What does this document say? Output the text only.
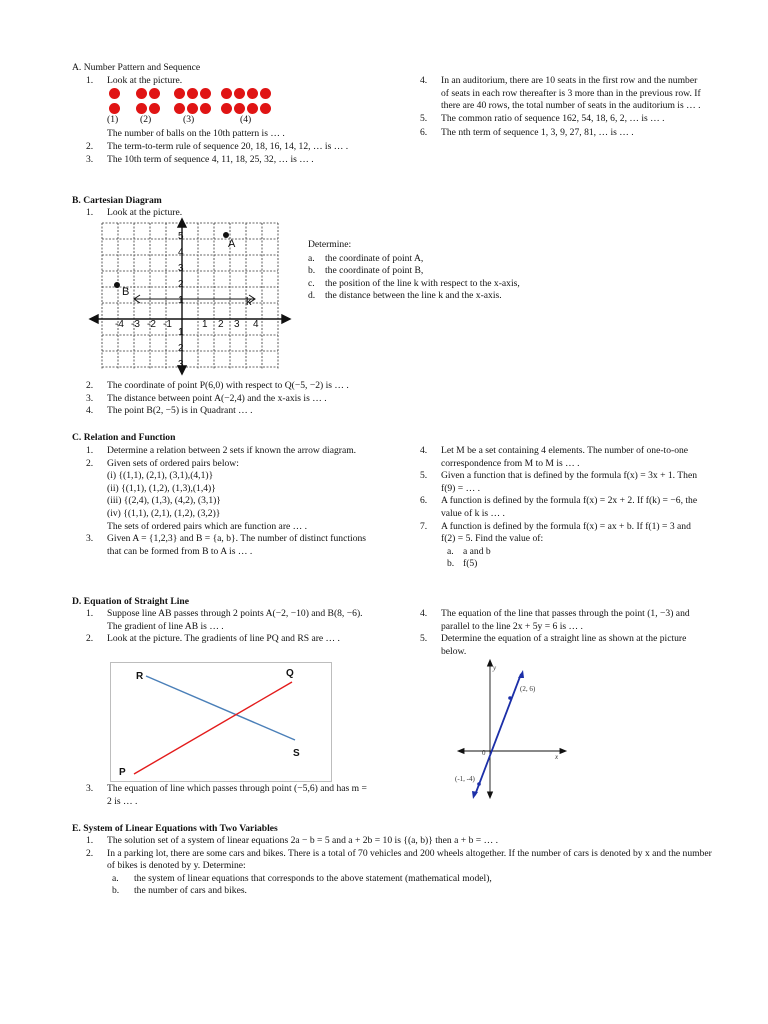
A. Number Pattern and Sequence
1. Look at the picture.
(1) (2)	(3)	(4)
The number of balls on the 10th pattern is … .
2. The term-to-term rule of sequence 20, 18, 16, 14, 12, … is … .
3. The 10th term of sequence 4, 11, 18, 25, 32, … is … .
4. In an auditorium, there are 10 seats in the first row and the number of seats in each row thereafter is 3 more than in the previous row. If there are 40 rows, the total number of seats in the auditorium is … .
5. The common ratio of sequence 162, 54, 18, 6, 2, … is … .
6. The nth term of sequence 1, 3, 9, 27, 81, … is … .
B. Cartesian Diagram
1. Look at the picture.
A
B
k
-4 -3 -2 -1	1 2 3 4
1
2
3
4
5
1
2
3
Determine:
a. the coordinate of point A,
b. the coordinate of point B,
c. the position of the line k with respect to the x-axis,
d. the distance between the line k and the x-axis.
2. The coordinate of point P(6,0) with respect to Q(−5, −2) is … .
3. The distance between point A(−2,4) and the x-axis is … .
4. The point B(2, −5) is in Quadrant … .
C. Relation and Function
1. Determine a relation between 2 sets if known the arrow diagram.
2. Given sets of ordered pairs below:
(i) {(1,1), (2,1), (3,1),(4,1)}
(ii) {(1,1), (1,2), (1,3),(1,4)}
(iii) {(2,4), (1,3), (4,2), (3,1)}
(iv) {(1,1), (2,1), (1,2), (3,2)}
The sets of ordered pairs which are function are … .
3. Given A = {1,2,3} and B = {a, b}. The number of distinct functions that can be formed from B to A is … .
4. Let M be a set containing 4 elements. The number of one-to-one correspondence from M to M is … .
5. Given a function that is defined by the formula f(x) = 3x + 1. Then f(9) = … .
6. A function is defined by the formula f(x) = 2x + 2. If f(k) = −6, the value of k is … .
7. A function is defined by the formula f(x) = ax + b. If f(1) = 3 and f(2) = 5. Find the value of:
a. a and b
b. f(5)
D. Equation of Straight Line
1. Suppose line AB passes through 2 points A(−2, −10) and B(8, −6). The gradient of line AB is … .
2. Look at the picture. The gradients of line PQ and RS are … .
R	Q
S
P
3. The equation of line which passes through point (−5,6) and has m = 2 is … .
4. The equation of the line that passes through the point (1, −3) and parallel to the line 2x + 5y = 6 is … .
5. Determine the equation of a straight line as shown at the picture below.
(2, 6)
(-1, -4)
0	x
y
E. System of Linear Equations with Two Variables
1. The solution set of a system of linear equations 2a − b = 5 and a + 2b = 10 is {(a, b)} then a + b = … .
2. In a parking lot, there are some cars and bikes. There is a total of 70 vehicles and 200 wheels altogether. If the number of cars is denoted by x and the number of bikes is denoted by y. Determine:
a. the system of linear equations that corresponds to the above statement (mathematical model),
b. the number of cars and bikes.
